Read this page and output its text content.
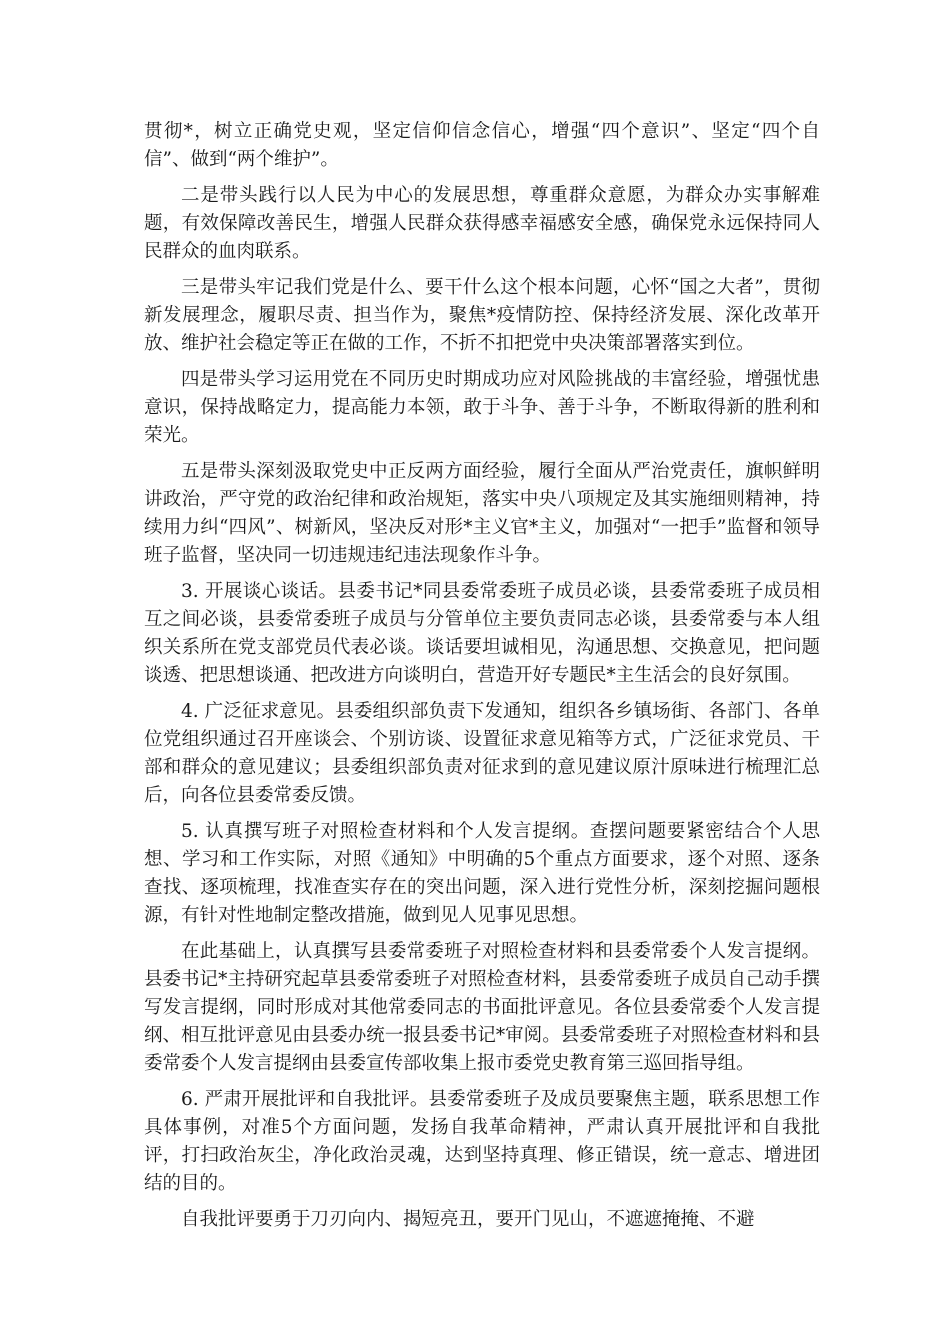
贯彻*，树立正确党史观，坚定信仰信念信心，增强“四个意识”、坚定“四个自信”、做到“两个维护”。

二是带头践行以人民为中心的发展思想，尊重群众意愿，为群众办实事解难题，有效保障改善民生，增强人民群众获得感幸福感安全感，确保党永远保持同人民群众的血肉联系。

三是带头牢记我们党是什么、要干什么这个根本问题，心怀“国之大者”，贯彻新发展理念，履职尽责、担当作为，聚焦*疫情防控、保持经济发展、深化改革开放、维护社会稳定等正在做的工作，不折不扣把党中央决策部署落实到位。

四是带头学习运用党在不同历史时期成功应对风险挑战的丰富经验，增强忧患意识，保持战略定力，提高能力本领，敢于斗争、善于斗争，不断取得新的胜利和荣光。

五是带头深刻汲取党史中正反两方面经验，履行全面从严治党责任，旗帜鲜明讲政治，严守党的政治纪律和政治规矩，落实中央八项规定及其实施细则精神，持续用力纠“四风”、树新风，坚决反对形*主义官*主义，加强对“一把手”监督和领导班子监督，坚决同一切违规违纪违法现象作斗争。

3. 开展谈心谈话。县委书记*同县委常委班子成员必谈，县委常委班子成员相互之间必谈，县委常委班子成员与分管单位主要负责同志必谈，县委常委与本人组织关系所在党支部党员代表必谈。谈话要坦诚相见，沟通思想、交换意见，把问题谈透、把思想谈通、把改进方向谈明白，营造开好专题民*主生活会的良好氛围。

4. 广泛征求意见。县委组织部负责下发通知，组织各乡镇场街、各部门、各单位党组织通过召开座谈会、个别访谈、设置征求意见箱等方式，广泛征求党员、干部和群众的意见建议；县委组织部负责对征求到的意见建议原汁原味进行梳理汇总后，向各位县委常委反馈。

5. 认真撰写班子对照检查材料和个人发言提纲。查摆问题要紧密结合个人思想、学习和工作实际，对照《通知》中明确的5个重点方面要求，逐个对照、逐条查找、逐项梳理，找准查实存在的突出问题，深入进行党性分析，深刻挖掘问题根源，有针对性地制定整改措施，做到见人见事见思想。

在此基础上，认真撰写县委常委班子对照检查材料和县委常委个人发言提纲。县委书记*主持研究起草县委常委班子对照检查材料，县委常委班子成员自己动手撰写发言提纲，同时形成对其他常委同志的书面批评意见。各位县委常委个人发言提纲、相互批评意见由县委办统一报县委书记*审阅。县委常委班子对照检查材料和县委常委个人发言提纲由县委宣传部收集上报市委党史教育第三巡回指导组。

6. 严肃开展批评和自我批评。县委常委班子及成员要聚焦主题，联系思想工作具体事例，对准5个方面问题，发扬自我革命精神，严肃认真开展批评和自我批评，打扫政治灰尘，净化政治灵魂，达到坚持真理、修正错误，统一意志、增进团结的目的。

自我批评要勇于刀刃向内、揭短亮丑，要开门见山，不遮遮掩掩、不避
